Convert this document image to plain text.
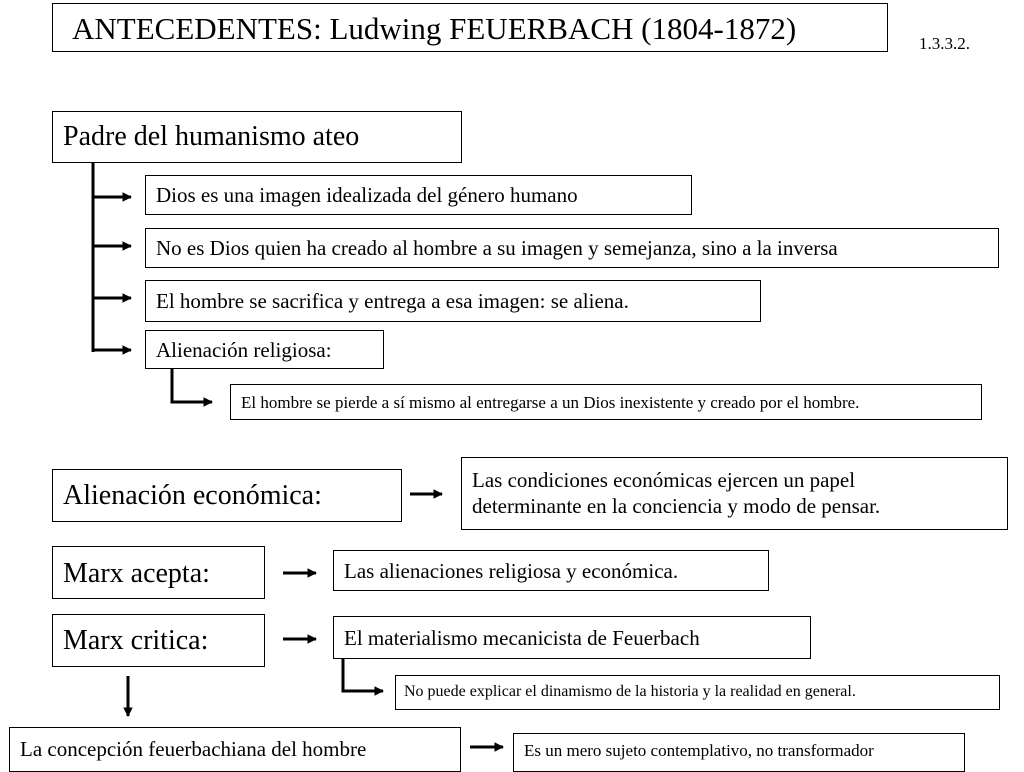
ANTECEDENTES: Ludwing FEUERBACH (1804-1872)	1.3.3.2.
Padre del humanismo ateo
Dios es una imagen idealizada del género humano
No es Dios quien ha creado al hombre a su imagen y semejanza, sino a la inversa
El hombre se sacrifica y entrega a esa imagen: se aliena.
Alienación religiosa:
El hombre se pierde a sí mismo al entregarse a un Dios inexistente y creado por el hombre.
Alienación económica:	Las condiciones económicas ejercen un papel
determinante en la conciencia y modo de pensar.
Marx acepta:	Las alienaciones religiosa y económica.
Marx critica:	El materialismo mecanicista de Feuerbach
No puede explicar el dinamismo de la historia y la realidad en general.
La concepción feuerbachiana del hombre	Es un mero sujeto contemplativo, no transformador
